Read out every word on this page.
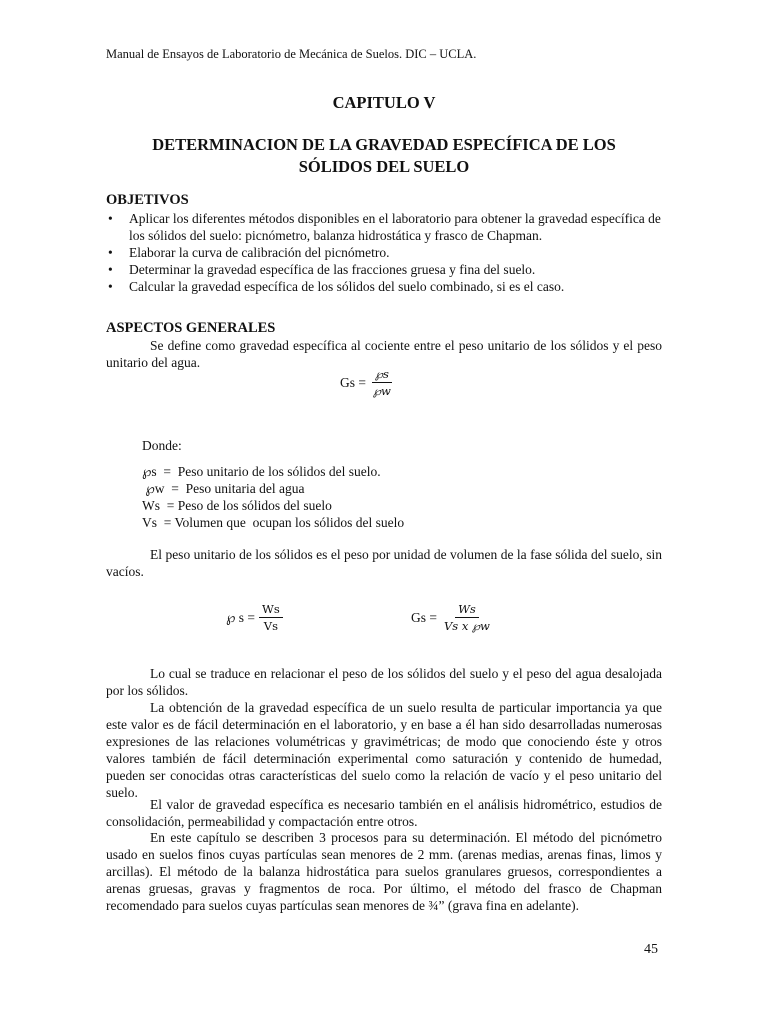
Manual de Ensayos de Laboratorio de Mecánica de Suelos. DIC – UCLA.
CAPITULO V
DETERMINACION DE LA GRAVEDAD ESPECÍFICA DE LOS
SÓLIDOS DEL SUELO
OBJETIVOS
• Aplicar los diferentes métodos disponibles en el laboratorio para obtener la gravedad específica de los sólidos del suelo: picnómetro, balanza hidrostática y frasco de Chapman.
• Elaborar la curva de calibración del picnómetro.
• Determinar la gravedad específica de las fracciones gruesa y fina del suelo.
• Calcular la gravedad específica de los sólidos del suelo combinado, si es el caso.
ASPECTOS GENERALES

Se define como gravedad específica al cociente entre el peso unitario de los sólidos y el peso unitario del agua.

$Gs = \frac{℘s}{℘w}$
Donde:
℘s  =  Peso unitario de los sólidos del suelo.
℘w  =  Peso unitaria del agua
Ws  = Peso de los sólidos del suelo
Vs  = Volumen que  ocupan los sólidos del suelo

El peso unitario de los sólidos es el peso por unidad de volumen de la fase sólida del suelo, sin vacíos.

℘ $s = \frac{Ws}{Vs}$	$Gs = \frac{Ws}{\text{Vs x ℘w}}$

Lo cual se traduce en relacionar el peso de los sólidos del suelo y el peso del agua desalojada por los sólidos.

La obtención de la gravedad específica de un suelo resulta de particular importancia ya que este valor es de fácil determinación en el laboratorio, y en base a él han sido desarrolladas numerosas expresiones de las relaciones volumétricas y gravimétricas; de modo que conociendo éste y otros valores también de fácil determinación experimental como saturación y contenido de humedad, pueden ser conocidas otras características del suelo como la relación de vacío y el peso unitario del suelo.

El valor de gravedad específica es necesario también en el análisis hidrométrico, estudios de consolidación, permeabilidad y compactación entre otros.

En este capítulo se describen 3 procesos para su determinación. El método del picnómetro usado en suelos finos cuyas partículas sean menores de 2 mm. (arenas medias, arenas finas, limos y arcillas). El método de la balanza hidrostática para suelos granulares gruesos, correspondientes a arenas gruesas, gravas y fragmentos de roca. Por último, el método del frasco de Chapman recomendado para suelos cuyas partículas sean menores de ¾” (grava fina en adelante).

45
